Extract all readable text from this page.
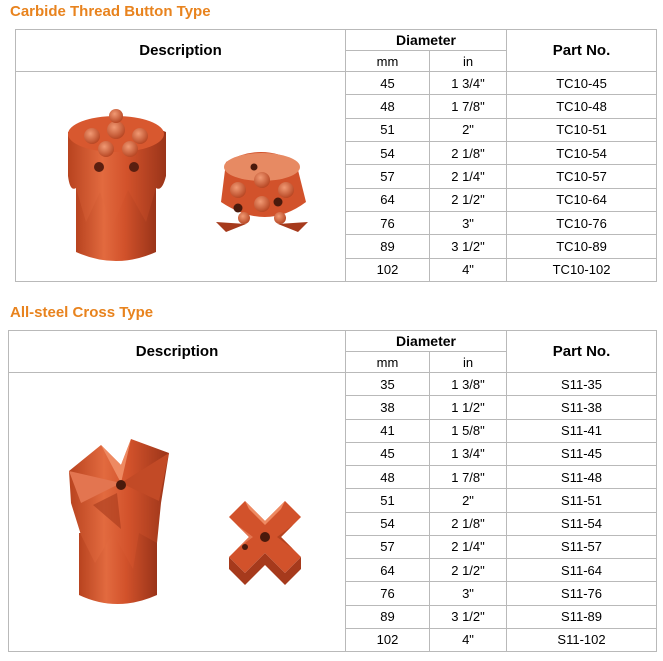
Carbide Thread Button Type
Description	Diameter		Part No.
	mm	in	

	45	1 3/4"	TC10-45
	48	1 7/8"	TC10-48
	51	2"	TC10-51
	54	2 1/8"	TC10-54
	57	2 1/4"	TC10-57
	64	2 1/2"	TC10-64
	76	3"	TC10-76
	89	3 1/2"	TC10-89
	102	4"	TC10-102
All-steel Cross Type
Description	Diameter		Part No.
	mm	in	

	35	1 3/8"	S11-35
	38	1 1/2"	S11-38
	41	1 5/8"	S11-41
	45	1 3/4"	S11-45
	48	1 7/8"	S11-48
	51	2"	S11-51
	54	2 1/8"	S11-54
	57	2 1/4"	S11-57
	64	2 1/2"	S11-64
	76	3"	S11-76
	89	3 1/2"	S11-89
	102	4"	S11-102
